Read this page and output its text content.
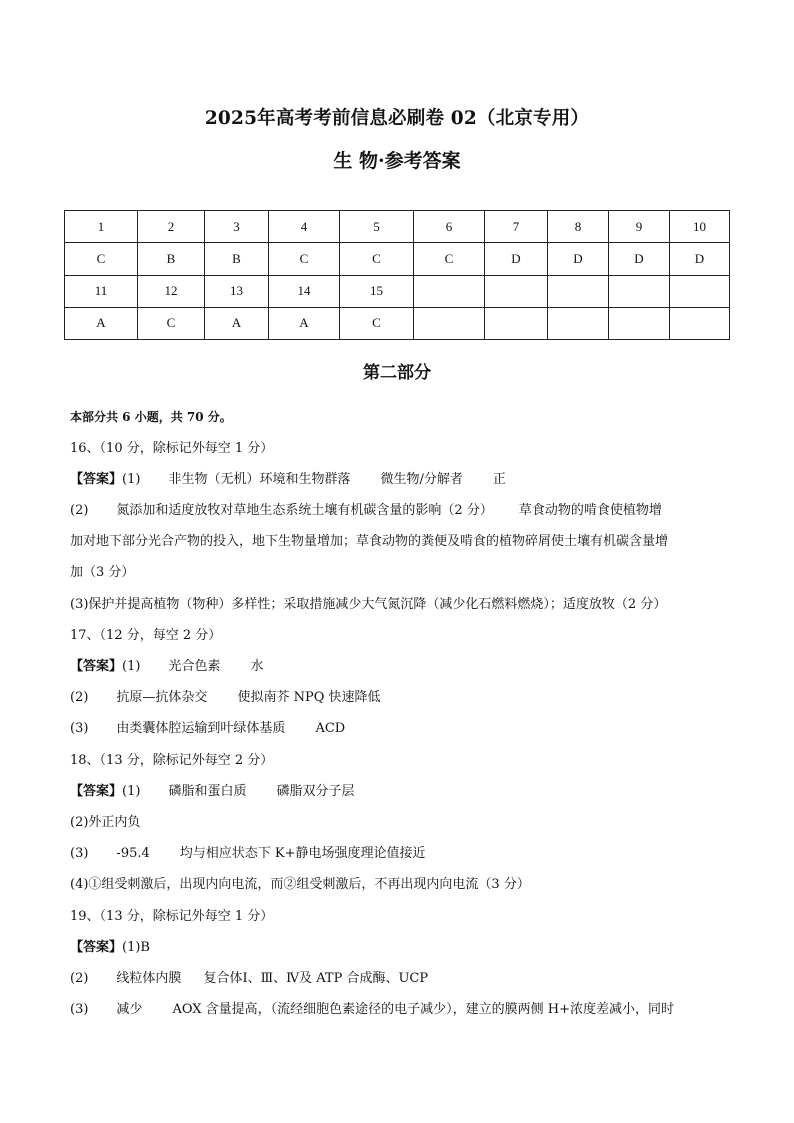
2025年高考考前信息必刷卷 02（北京专用）
生 物·参考答案
1	2	3	4	5	6	7	8	9	10
C	B	B	C	C	C	D	D	D	D
11	12	13	14	15					
A	C	A	A	C					
第二部分
本部分共 6 小题，共 70 分。
16、（10 分，除标记外每空 1 分）
【答案】(1) 非生物（无机）环境和生物群落 微生物/分解者 正
(2) 氮添加和适度放牧对草地生态系统土壤有机碳含量的影响（2 分） 草食动物的啃食使植物增
加对地下部分光合产物的投入，地下生物量增加；草食动物的粪便及啃食的植物碎屑使土壤有机碳含量增
加（3 分）
(3)保护并提高植物（物种）多样性；采取措施减少大气氮沉降（减少化石燃料燃烧）；适度放牧（2 分）
17、（12 分，每空 2 分）
【答案】(1) 光合色素 水
(2) 抗原—抗体杂交 使拟南芥 NPQ 快速降低
(3) 由类囊体腔运输到叶绿体基质 ACD
18、（13 分，除标记外每空 2 分）
【答案】(1) 磷脂和蛋白质 磷脂双分子层
(2)外正内负
(3) -95.4 均与相应状态下 K+静电场强度理论值接近
(4)①组受刺激后，出现内向电流，而②组受刺激后，不再出现内向电流（3 分）
19、（13 分，除标记外每空 1 分）
【答案】(1)B
(2) 线粒体内膜 复合体Ⅰ、Ⅲ、Ⅳ及 ATP 合成酶、UCP
(3) 减少 AOX 含量提高，（流经细胞色素途径的电子减少），建立的膜两侧 H+浓度差减小，同时
